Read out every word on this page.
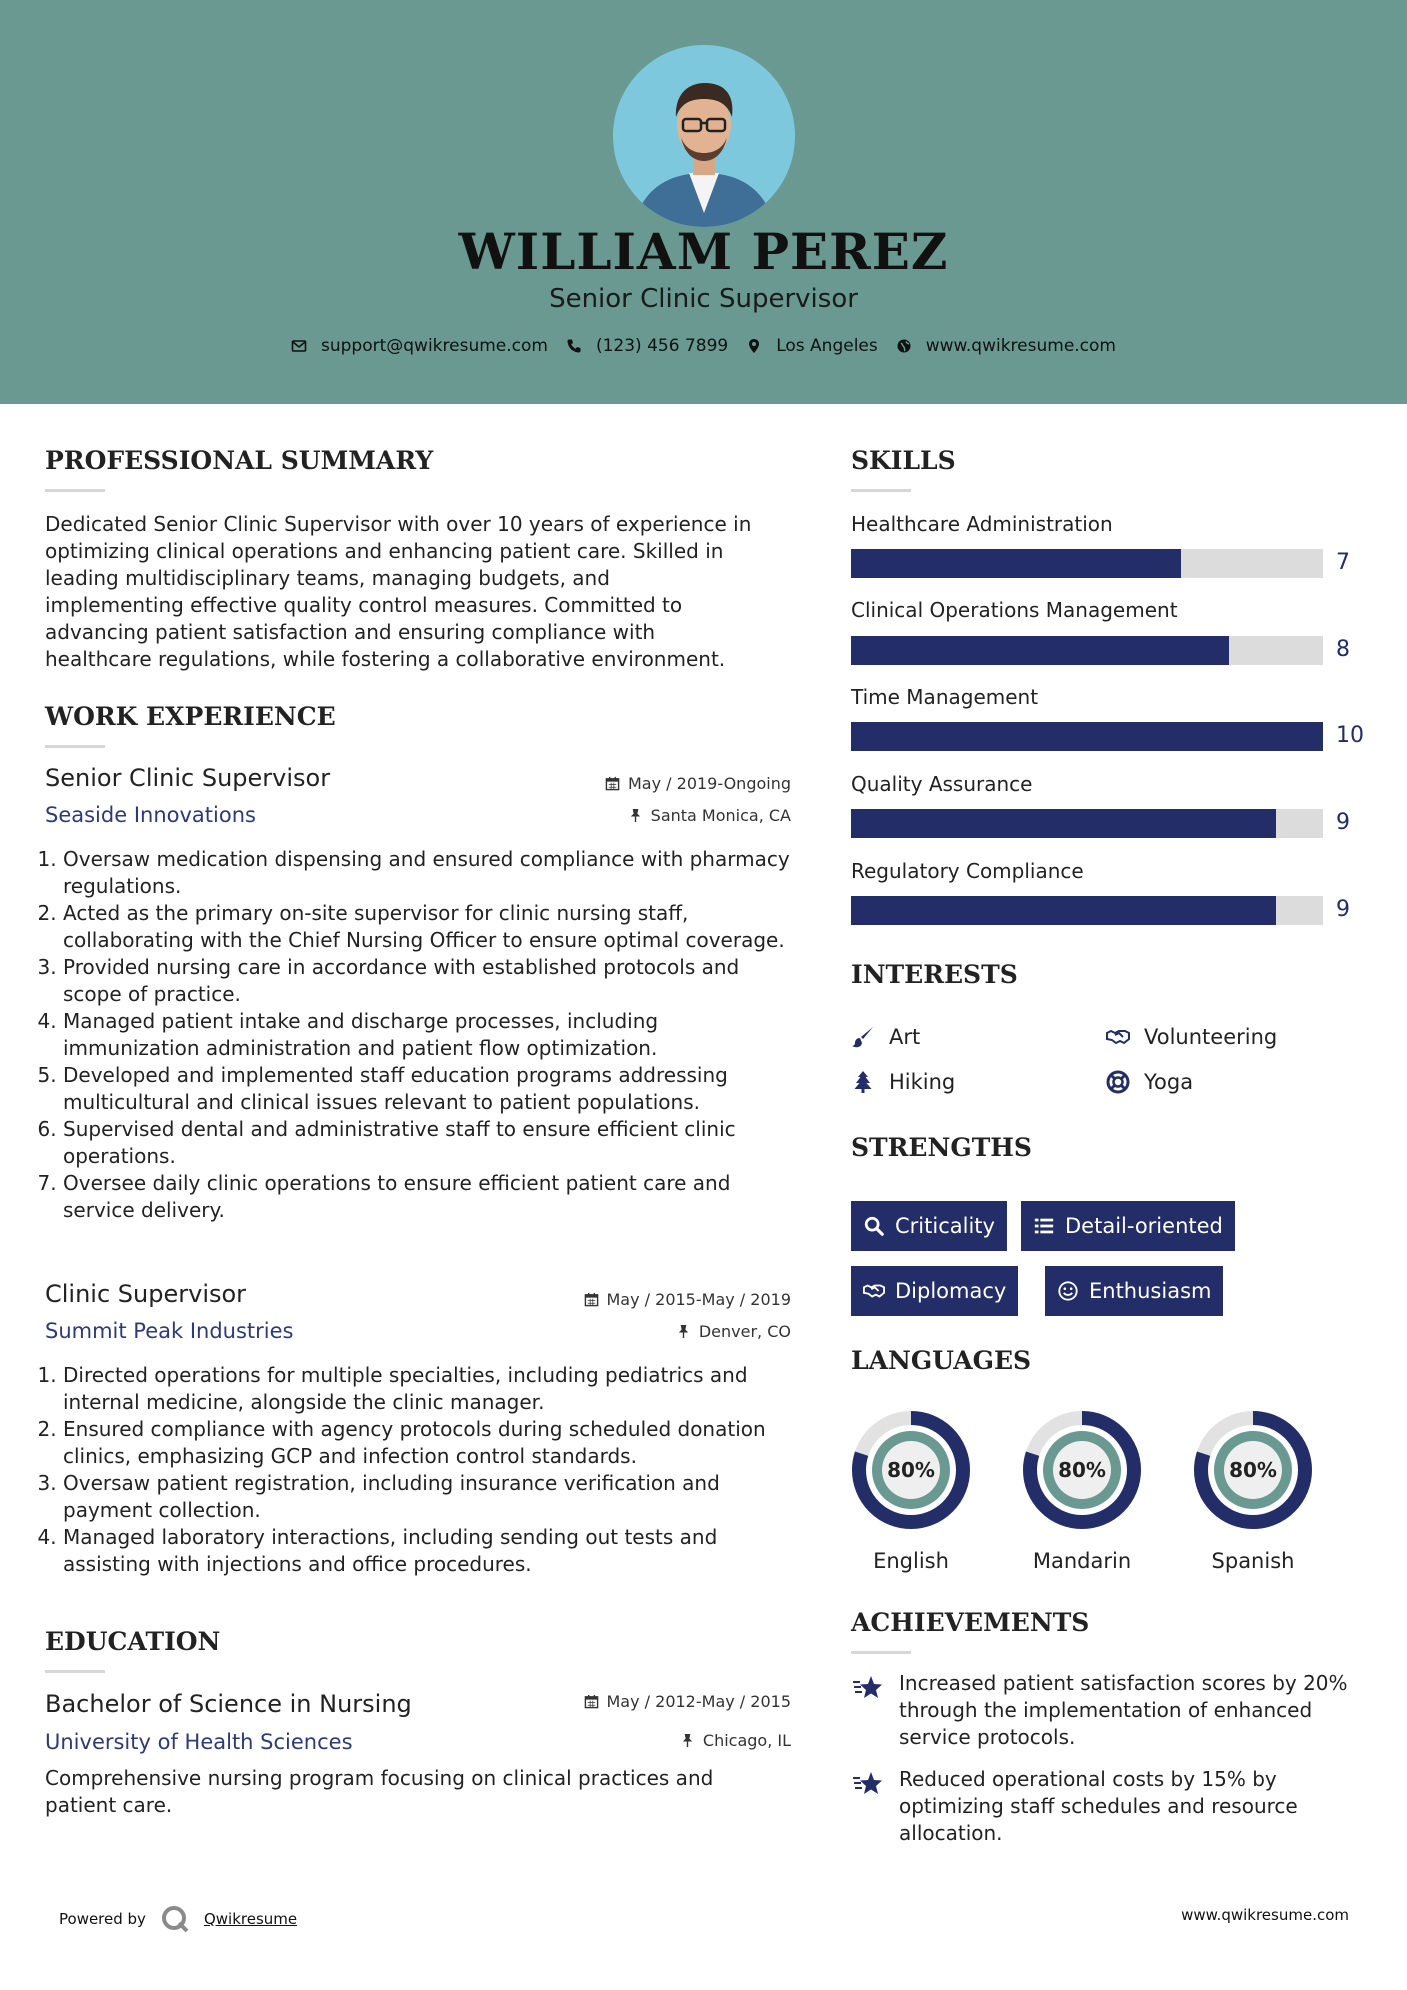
WILLIAM PEREZ
Senior Clinic Supervisor
support@qwikresume.com	(123) 456 7899	Los Angeles	www.qwikresume.com
PROFESSIONAL SUMMARY
Dedicated Senior Clinic Supervisor with over 10 years of experience in
optimizing clinical operations and enhancing patient care. Skilled in
leading multidisciplinary teams, managing budgets, and
implementing effective quality control measures. Committed to
advancing patient satisfaction and ensuring compliance with
healthcare regulations, while fostering a collaborative environment.
WORK EXPERIENCE
Senior Clinic Supervisor
Seaside Innovations
May / 2019-Ongoing
Santa Monica, CA
1. Oversaw medication dispensing and ensured compliance with pharmacy regulations.
2. Acted as the primary on-site supervisor for clinic nursing staff, collaborating with the Chief Nursing Officer to ensure optimal coverage.
3. Provided nursing care in accordance with established protocols and scope of practice.
4. Managed patient intake and discharge processes, including immunization administration and patient flow optimization.
5. Developed and implemented staff education programs addressing multicultural and clinical issues relevant to patient populations.
6. Supervised dental and administrative staff to ensure efficient clinic operations.
7. Oversee daily clinic operations to ensure efficient patient care and service delivery.
Clinic Supervisor
Summit Peak Industries
May / 2015-May / 2019
Denver, CO
1. Directed operations for multiple specialties, including pediatrics and internal medicine, alongside the clinic manager.
2. Ensured compliance with agency protocols during scheduled donation clinics, emphasizing GCP and infection control standards.
3. Oversaw patient registration, including insurance verification and payment collection.
4. Managed laboratory interactions, including sending out tests and assisting with injections and office procedures.
EDUCATION
Bachelor of Science in Nursing
University of Health Sciences
May / 2012-May / 2015
Chicago, IL
Comprehensive nursing program focusing on clinical practices and patient care.
SKILLS
Healthcare Administration
7
Clinical Operations Management
8
Time Management
10
Quality Assurance
9
Regulatory Compliance
9
INTERESTS
Art	Volunteering
Hiking	Yoga
STRENGTHS
Criticality	Detail-oriented
Diplomacy	Enthusiasm
LANGUAGES
80%
English
80%
Mandarin
80%
Spanish
ACHIEVEMENTS
Increased patient satisfaction scores by 20% through the implementation of enhanced service protocols.
Reduced operational costs by 15% by optimizing staff schedules and resource allocation.
Powered by	Qwikresume	www.qwikresume.com
